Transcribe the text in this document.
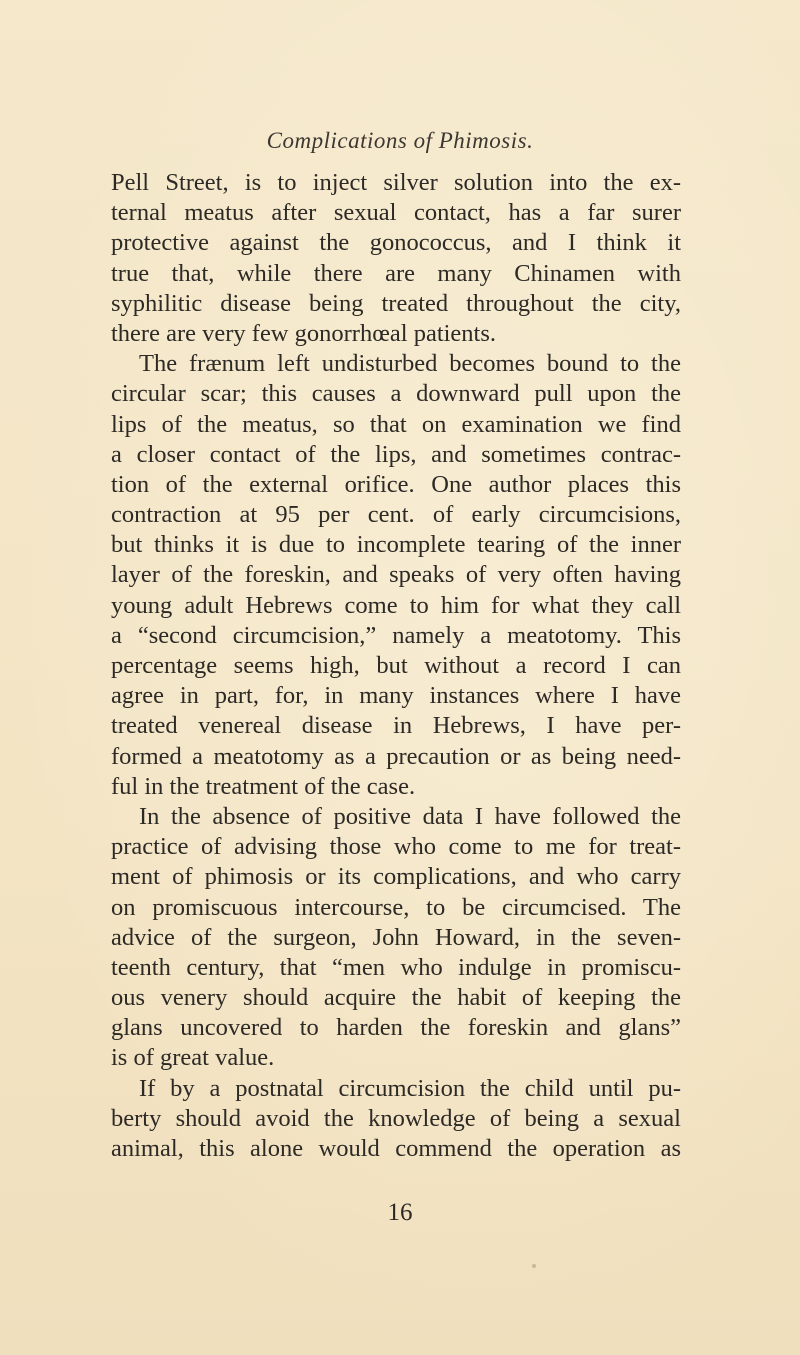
Complications of Phimosis.
Pell Street, is to inject silver solution into the ex-
ternal meatus after sexual contact, has a far surer
protective against the gonococcus, and I think it
true that, while there are many Chinamen with
syphilitic disease being treated throughout the city,
there are very few gonorrhœal patients.
The frænum left undisturbed becomes bound to the
circular scar; this causes a downward pull upon the
lips of the meatus, so that on examination we find
a closer contact of the lips, and sometimes contrac-
tion of the external orifice. One author places this
contraction at 95 per cent. of early circumcisions,
but thinks it is due to incomplete tearing of the inner
layer of the foreskin, and speaks of very often having
young adult Hebrews come to him for what they call
a “second circumcision,” namely a meatotomy. This
percentage seems high, but without a record I can
agree in part, for, in many instances where I have
treated venereal disease in Hebrews, I have per-
formed a meatotomy as a precaution or as being need-
ful in the treatment of the case.
In the absence of positive data I have followed the
practice of advising those who come to me for treat-
ment of phimosis or its complications, and who carry
on promiscuous intercourse, to be circumcised. The
advice of the surgeon, John Howard, in the seven-
teenth century, that “men who indulge in promiscu-
ous venery should acquire the habit of keeping the
glans uncovered to harden the foreskin and glans”
is of great value.
If by a postnatal circumcision the child until pu-
berty should avoid the knowledge of being a sexual
animal, this alone would commend the operation as
16
